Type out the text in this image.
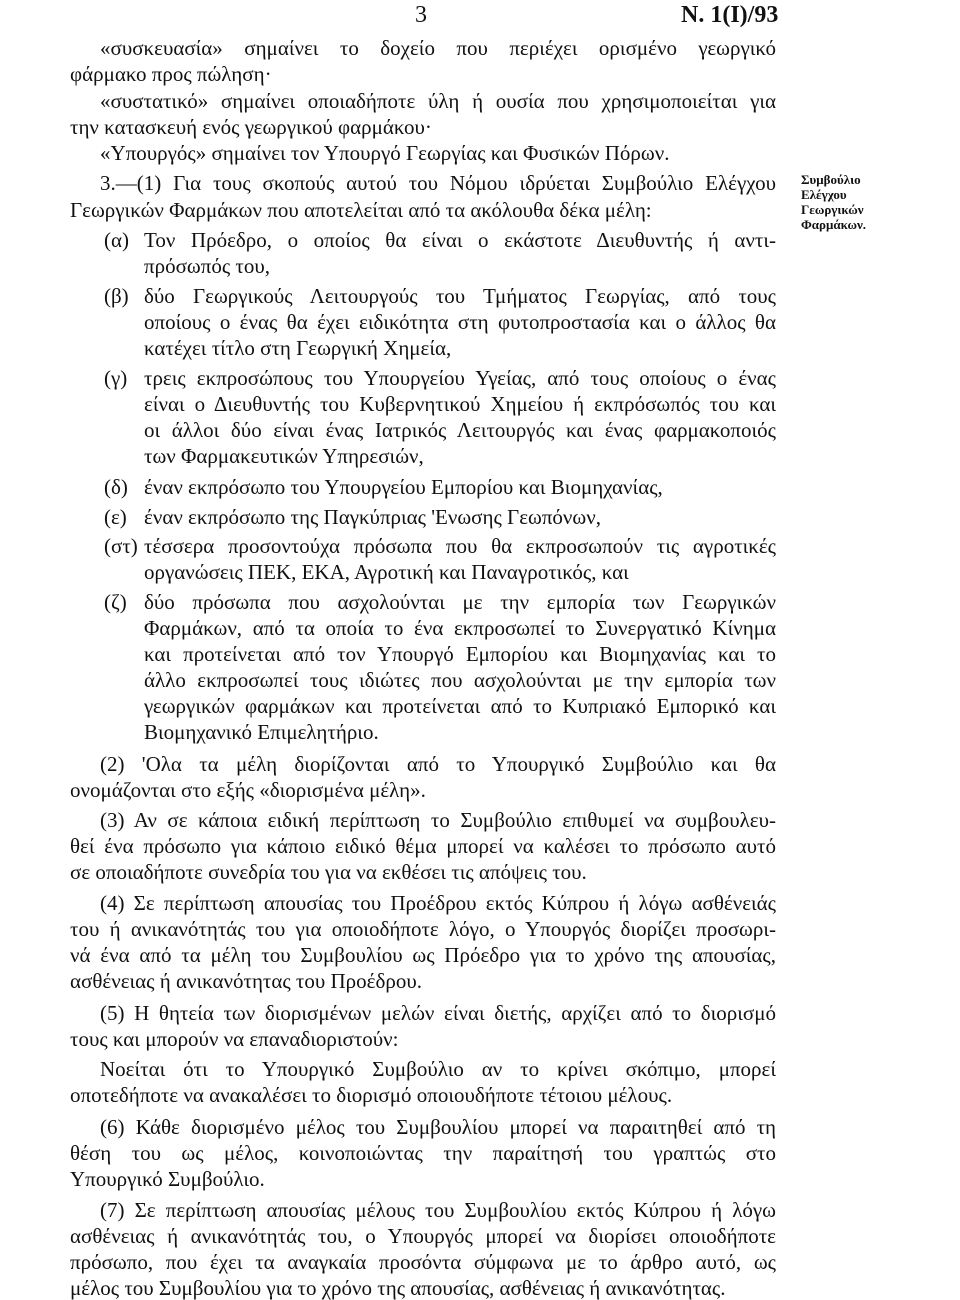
3	Ν. 1(I)/93
Συμβούλιο
Ελέγχου
Γεωργικών
Φαρμάκων.
«συσκευασία» σημαίνει το δοχείο που περιέχει ορισμένο γεωργικό
φάρμακο προς πώληση·
«συστατικό» σημαίνει οποιαδήποτε ύλη ή ουσία που χρησιμοποιείται για
την κατασκευή ενός γεωργικού φαρμάκου·
«Υπουργός» σημαίνει τον Υπουργό Γεωργίας και Φυσικών Πόρων.
3.—(1) Για τους σκοπούς αυτού του Νόμου ιδρύεται Συμβούλιο Ελέγχου
Γεωργικών Φαρμάκων που αποτελείται από τα ακόλουθα δέκα μέλη:
(α) Τον Πρόεδρο, ο οποίος θα είναι ο εκάστοτε Διευθυντής ή αντι-
πρόσωπός του,
(β) δύο Γεωργικούς Λειτουργούς του Τμήματος Γεωργίας, από τους
οποίους ο ένας θα έχει ειδικότητα στη φυτοπροστασία και ο άλλος θα
κατέχει τίτλο στη Γεωργική Χημεία,
(γ) τρεις εκπροσώπους του Υπουργείου Υγείας, από τους οποίους ο ένας
είναι ο Διευθυντής του Κυβερνητικού Χημείου ή εκπρόσωπός του και
οι άλλοι δύο είναι ένας Ιατρικός Λειτουργός και ένας φαρμακοποιός
των Φαρμακευτικών Υπηρεσιών,
(δ) έναν εκπρόσωπο του Υπουργείου Εμπορίου και Βιομηχανίας,
(ε) έναν εκπρόσωπο της Παγκύπριας 'Ενωσης Γεωπόνων,
(στ) τέσσερα προσοντούχα πρόσωπα που θα εκπροσωπούν τις αγροτικές
οργανώσεις ΠΕΚ, ΕΚΑ, Αγροτική και Παναγροτικός, και
(ζ) δύο πρόσωπα που ασχολούνται με την εμπορία των Γεωργικών
Φαρμάκων, από τα οποία το ένα εκπροσωπεί το Συνεργατικό Κίνημα
και προτείνεται από τον Υπουργό Εμπορίου και Βιομηχανίας και το
άλλο εκπροσωπεί τους ιδιώτες που ασχολούνται με την εμπορία των
γεωργικών φαρμάκων και προτείνεται από το Κυπριακό Εμπορικό και
Βιομηχανικό Επιμελητήριο.
(2) 'Ολα τα μέλη διορίζονται από το Υπουργικό Συμβούλιο και θα
ονομάζονται στο εξής «διορισμένα μέλη».
(3) Αν σε κάποια ειδική περίπτωση το Συμβούλιο επιθυμεί να συμβουλευ-
θεί ένα πρόσωπο για κάποιο ειδικό θέμα μπορεί να καλέσει το πρόσωπο αυτό
σε οποιαδήποτε συνεδρία του για να εκθέσει τις απόψεις του.
(4) Σε περίπτωση απουσίας του Προέδρου εκτός Κύπρου ή λόγω ασθένειάς
του ή ανικανότητάς του για οποιοδήποτε λόγο, ο Υπουργός διορίζει προσωρι-
νά ένα από τα μέλη του Συμβουλίου ως Πρόεδρο για το χρόνο της απουσίας,
ασθένειας ή ανικανότητας του Προέδρου.
(5) Η θητεία των διορισμένων μελών είναι διετής, αρχίζει από το διορισμό
τους και μπορούν να επαναδιοριστούν:
Νοείται ότι το Υπουργικό Συμβούλιο αν το κρίνει σκόπιμο, μπορεί
οποτεδήποτε να ανακαλέσει το διορισμό οποιουδήποτε τέτοιου μέλους.
(6) Κάθε διορισμένο μέλος του Συμβουλίου μπορεί να παραιτηθεί από τη
θέση του ως μέλος, κοινοποιώντας την παραίτησή του γραπτώς στο
Υπουργικό Συμβούλιο.
(7) Σε περίπτωση απουσίας μέλους του Συμβουλίου εκτός Κύπρου ή λόγω
ασθένειας ή ανικανότητάς του, ο Υπουργός μπορεί να διορίσει οποιοδήποτε
πρόσωπο, που έχει τα αναγκαία προσόντα σύμφωνα με το άρθρο αυτό, ως
μέλος του Συμβουλίου για το χρόνο της απουσίας, ασθένειας ή ανικανότητας.
